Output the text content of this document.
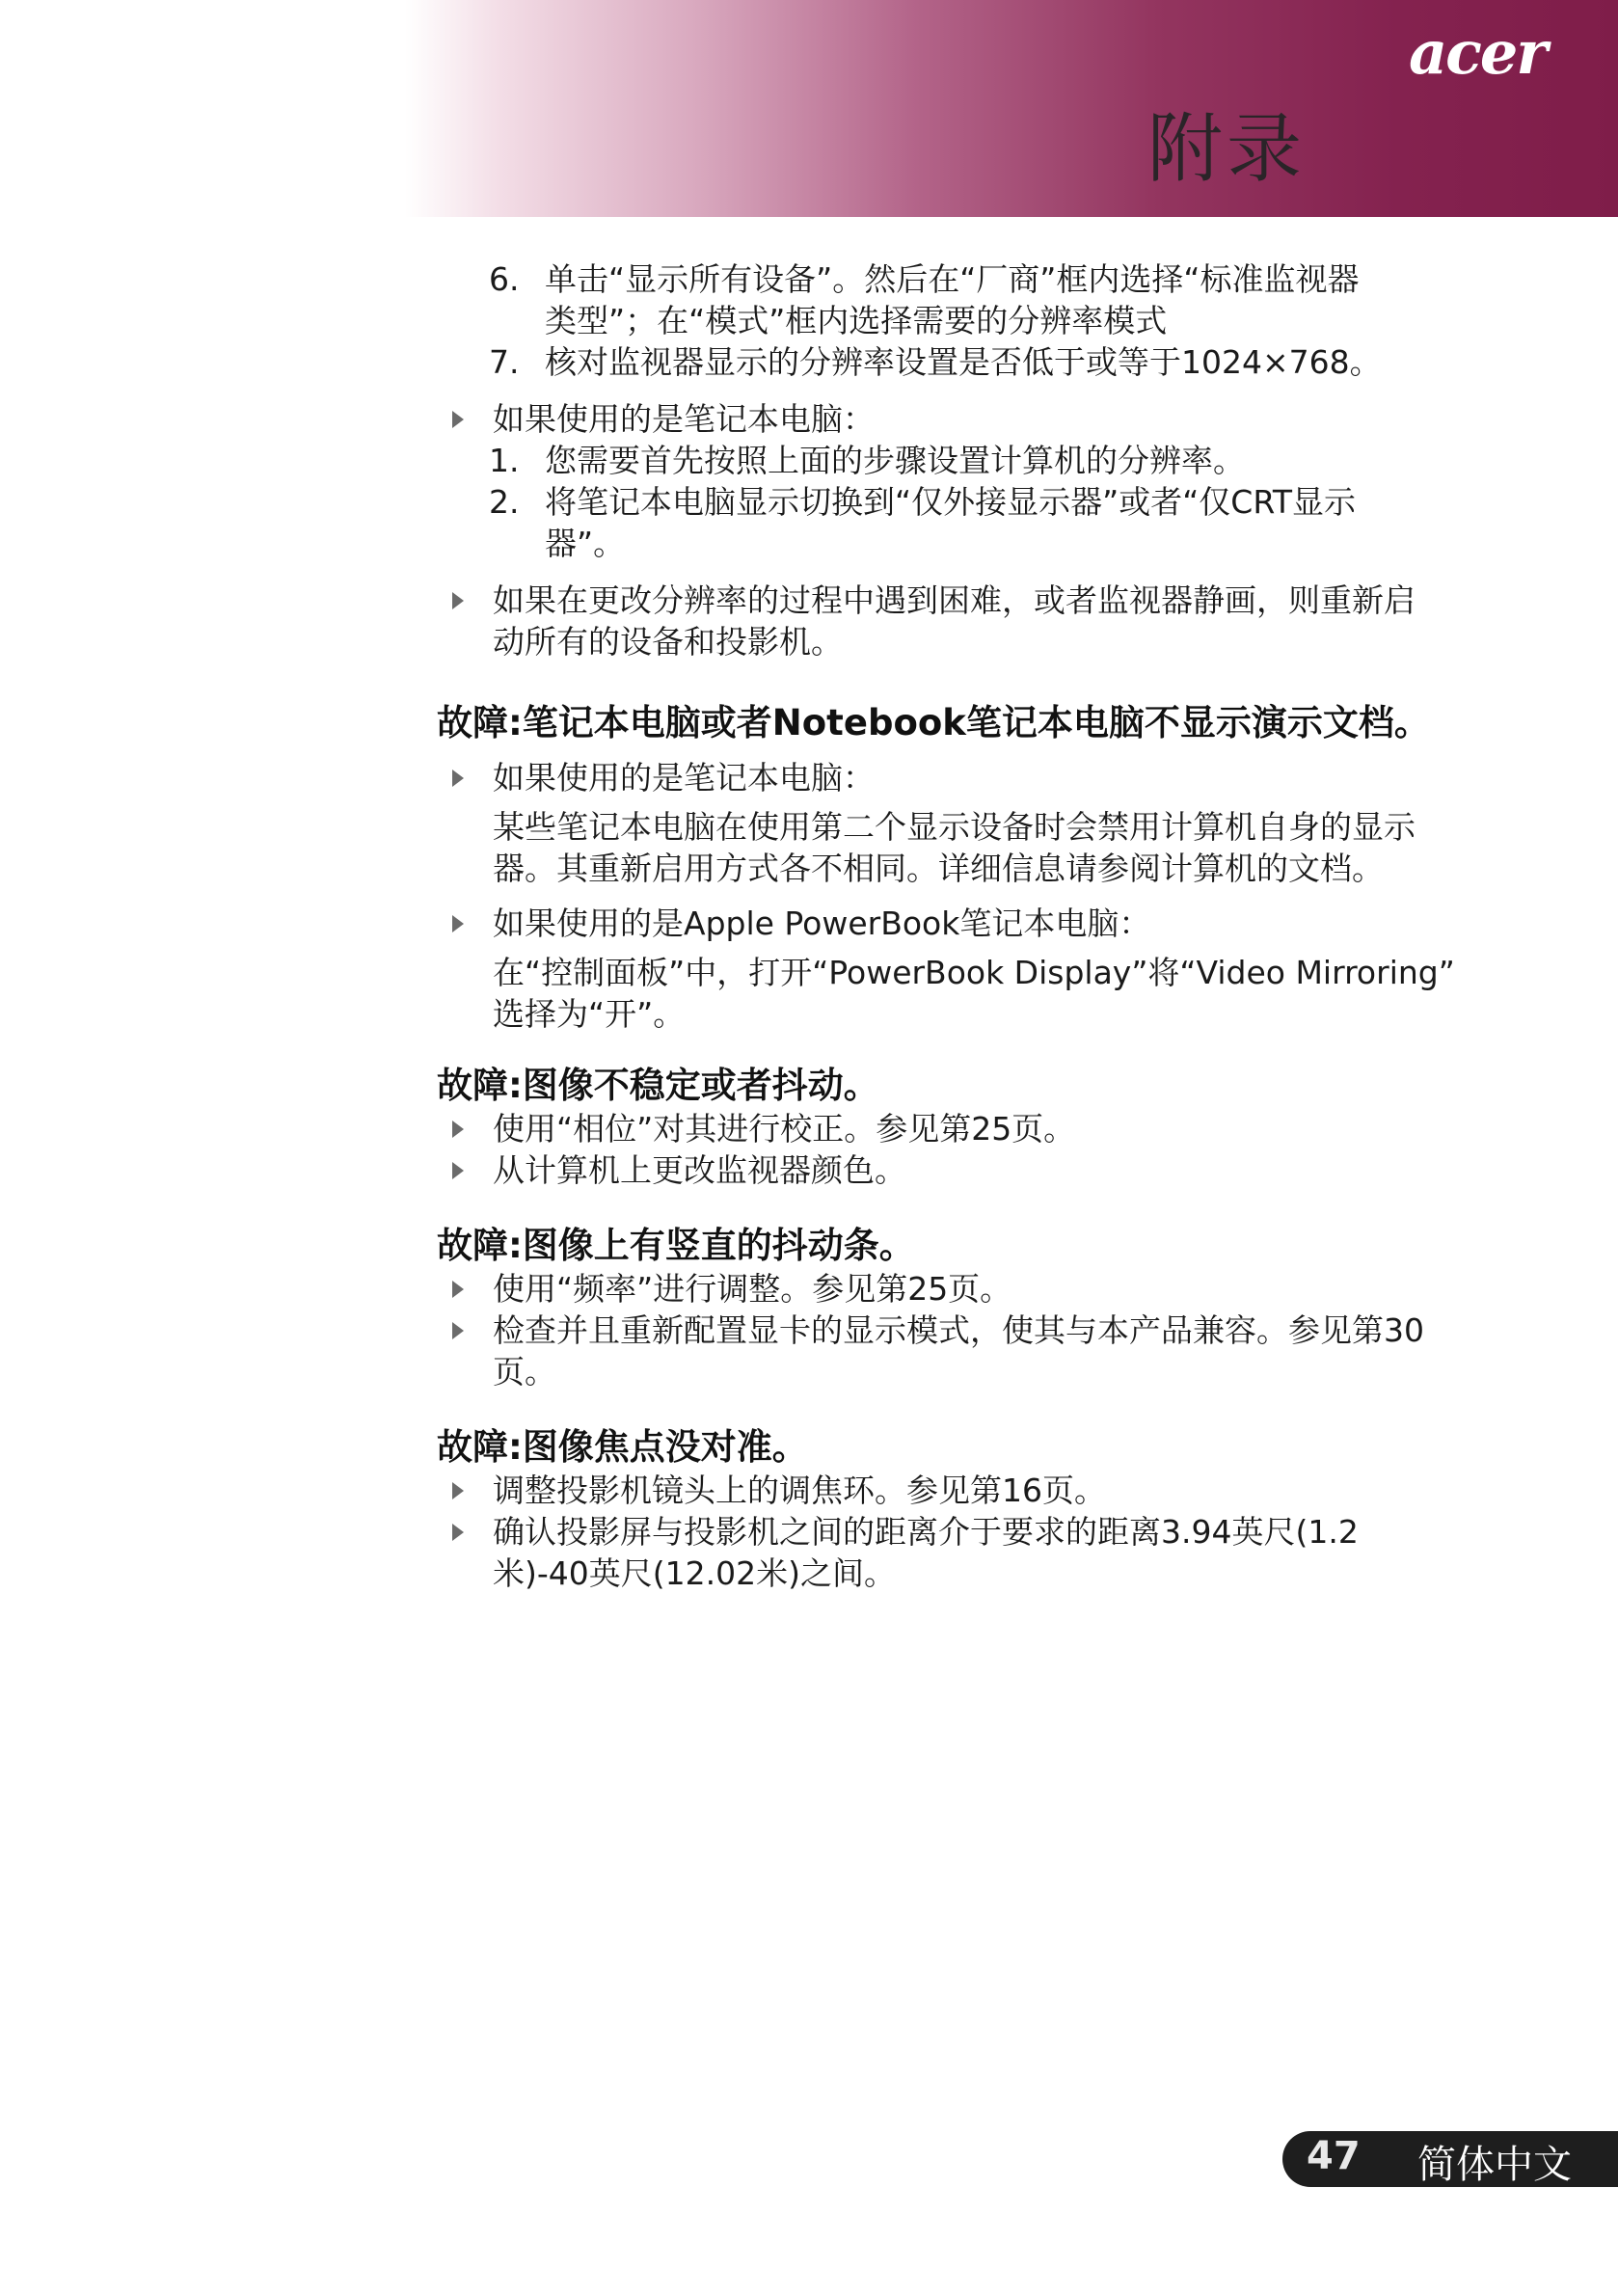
acer
附录
6. 单击“显示所有设备”。然后在“厂商”框内选择“标准监视器
类型”；在“模式”框内选择需要的分辨率模式
7. 核对监视器显示的分辨率设置是否低于或等于1024×768。
如果使用的是笔记本电脑：
1. 您需要首先按照上面的步骤设置计算机的分辨率。
2. 将笔记本电脑显示切换到“仅外接显示器”或者“仅CRT显示
器”。
如果在更改分辨率的过程中遇到困难，或者监视器静画，则重新启
动所有的设备和投影机。
故障:笔记本电脑或者Notebook笔记本电脑不显示演示文档。
如果使用的是笔记本电脑：
某些笔记本电脑在使用第二个显示设备时会禁用计算机自身的显示
器。其重新启用方式各不相同。详细信息请参阅计算机的文档。
如果使用的是Apple PowerBook笔记本电脑：
在“控制面板”中，打开“PowerBook Display”将“Video Mirroring”
选择为“开”。
故障:图像不稳定或者抖动。
使用“相位”对其进行校正。参见第25页。
从计算机上更改监视器颜色。
故障:图像上有竖直的抖动条。
使用“频率”进行调整。参见第25页。
检查并且重新配置显卡的显示模式，使其与本产品兼容。参见第30
页。
故障:图像焦点没对准。
调整投影机镜头上的调焦环。参见第16页。
确认投影屏与投影机之间的距离介于要求的距离3.94英尺(1.2
米)-40英尺(12.02米)之间。
47 简体中文
